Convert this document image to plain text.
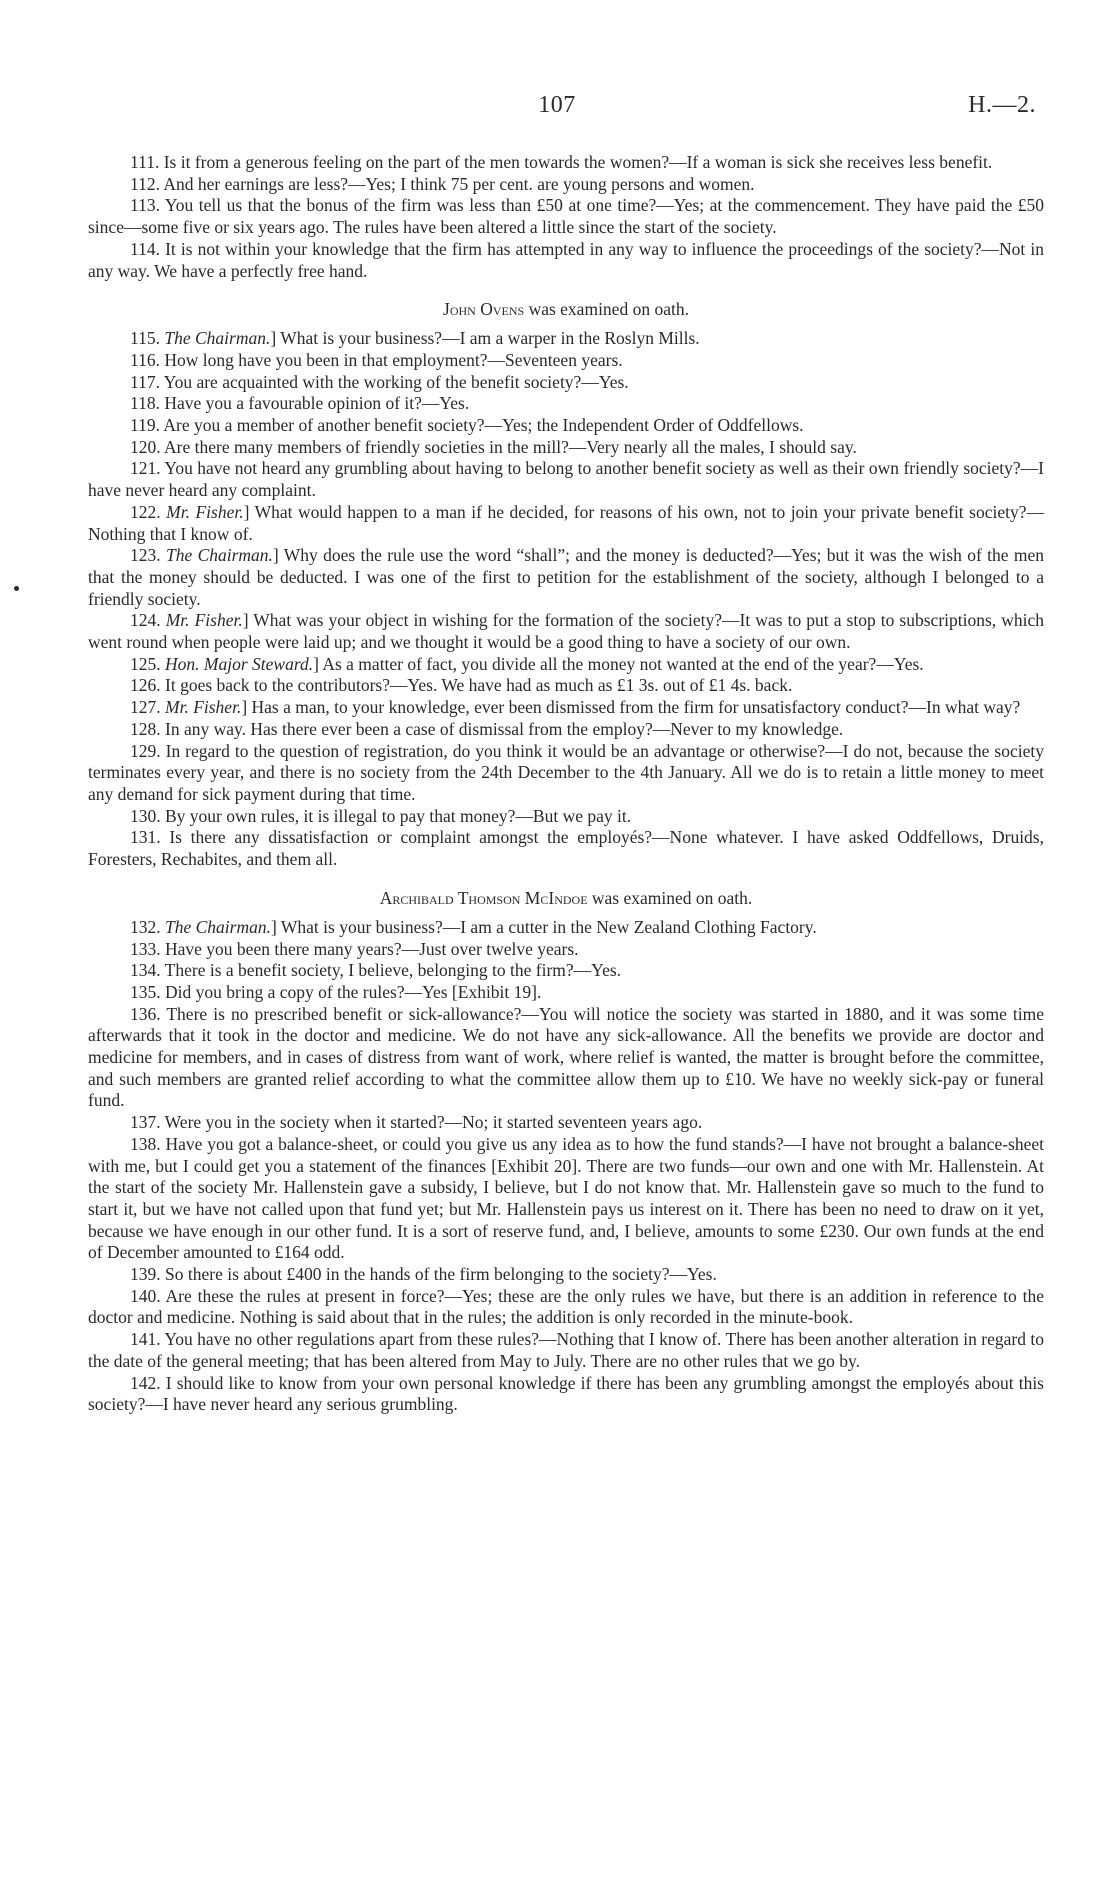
107	H.—2.

111. Is it from a generous feeling on the part of the men towards the women?—If a woman is sick she receives less benefit.

112. And her earnings are less?—Yes; I think 75 per cent. are young persons and women.

113. You tell us that the bonus of the firm was less than £50 at one time?—Yes; at the commencement. They have paid the £50 since—some five or six years ago. The rules have been altered a little since the start of the society.

114. It is not within your knowledge that the firm has attempted in any way to influence the proceedings of the society?—Not in any way. We have a perfectly free hand.

John Ovens was examined on oath.

115. The Chairman.] What is your business?—I am a warper in the Roslyn Mills.

116. How long have you been in that employment?—Seventeen years.

117. You are acquainted with the working of the benefit society?—Yes.

118. Have you a favourable opinion of it?—Yes.

119. Are you a member of another benefit society?—Yes; the Independent Order of Oddfellows.

120. Are there many members of friendly societies in the mill?—Very nearly all the males, I should say.

121. You have not heard any grumbling about having to belong to another benefit society as well as their own friendly society?—I have never heard any complaint.

122. Mr. Fisher.] What would happen to a man if he decided, for reasons of his own, not to join your private benefit society?—Nothing that I know of.

123. The Chairman.] Why does the rule use the word “shall”; and the money is deducted?—Yes; but it was the wish of the men that the money should be deducted. I was one of the first to petition for the establishment of the society, although I belonged to a friendly society.

124. Mr. Fisher.] What was your object in wishing for the formation of the society?—It was to put a stop to subscriptions, which went round when people were laid up; and we thought it would be a good thing to have a society of our own.

125. Hon. Major Steward.] As a matter of fact, you divide all the money not wanted at the end of the year?—Yes.

126. It goes back to the contributors?—Yes. We have had as much as £1 3s. out of £1 4s. back.

127. Mr. Fisher.] Has a man, to your knowledge, ever been dismissed from the firm for unsatisfactory conduct?—In what way?

128. In any way. Has there ever been a case of dismissal from the employ?—Never to my knowledge.

129. In regard to the question of registration, do you think it would be an advantage or otherwise?—I do not, because the society terminates every year, and there is no society from the 24th December to the 4th January. All we do is to retain a little money to meet any demand for sick payment during that time.

130. By your own rules, it is illegal to pay that money?—But we pay it.

131. Is there any dissatisfaction or complaint amongst the employés?—None whatever. I have asked Oddfellows, Druids, Foresters, Rechabites, and them all.

Archibald Thomson McIndoe was examined on oath.

132. The Chairman.] What is your business?—I am a cutter in the New Zealand Clothing Factory.

133. Have you been there many years?—Just over twelve years.

134. There is a benefit society, I believe, belonging to the firm?—Yes.

135. Did you bring a copy of the rules?—Yes [Exhibit 19].

136. There is no prescribed benefit or sick-allowance?—You will notice the society was started in 1880, and it was some time afterwards that it took in the doctor and medicine. We do not have any sick-allowance. All the benefits we provide are doctor and medicine for members, and in cases of distress from want of work, where relief is wanted, the matter is brought before the committee, and such members are granted relief according to what the committee allow them up to £10. We have no weekly sick-pay or funeral fund.

137. Were you in the society when it started?—No; it started seventeen years ago.

138. Have you got a balance-sheet, or could you give us any idea as to how the fund stands?—I have not brought a balance-sheet with me, but I could get you a statement of the finances [Exhibit 20]. There are two funds—our own and one with Mr. Hallenstein. At the start of the society Mr. Hallenstein gave a subsidy, I believe, but I do not know that. Mr. Hallenstein gave so much to the fund to start it, but we have not called upon that fund yet; but Mr. Hallenstein pays us interest on it. There has been no need to draw on it yet, because we have enough in our other fund. It is a sort of reserve fund, and, I believe, amounts to some £230. Our own funds at the end of December amounted to £164 odd.

139. So there is about £400 in the hands of the firm belonging to the society?—Yes.

140. Are these the rules at present in force?—Yes; these are the only rules we have, but there is an addition in reference to the doctor and medicine. Nothing is said about that in the rules; the addition is only recorded in the minute-book.

141. You have no other regulations apart from these rules?—Nothing that I know of. There has been another alteration in regard to the date of the general meeting; that has been altered from May to July. There are no other rules that we go by.

142. I should like to know from your own personal knowledge if there has been any grumbling amongst the employés about this society?—I have never heard any serious grumbling.
